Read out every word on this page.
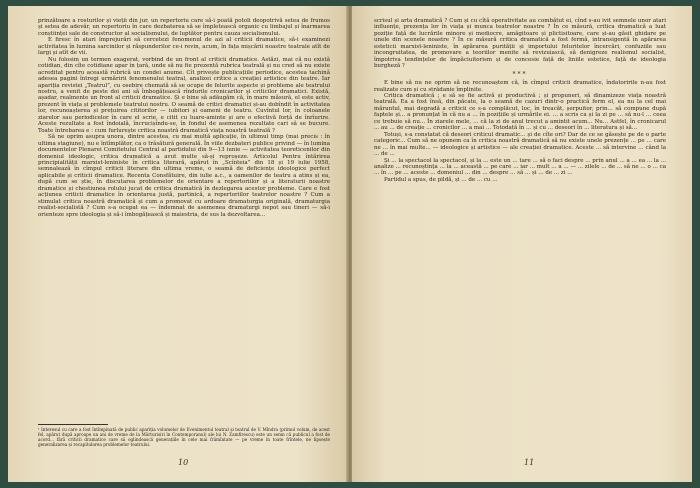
prinzătoare a rosturilor și vieții din jur, un repertoriu care să-i poată potoli deopotrivă setea de frumos și setea de adevăr, un repertoriu în care dezbaterea să se împletească organic cu limbajul și înarmarea conștiinței sale de constructor al socialismului, de luptător pentru cauza socialismului.

E firesc în atari împrejurări să cercetezi fenomenul de azi al criticii dramatice, să-i examinezi activitatea în lumina sarcinilor și răspunderilor ce-i revin, acum, în fața mișcării noastre teatrale atît de largi și atît de vii.

Nu folosim un termen exagerat, vorbind de un front al criticii dramatice. Astăzi, mai că nu există cotidian, din cîte cotidiane apar în țară, unde să nu fie prezentă rubrica teatrală și nu cred să nu existe acreditat pentru această rubrică un condei anume. Cît privește publicațiile periodice, acestea tachină adesea pagini întregi urmăririi fenomenului teatral, analizei critice a creației artistice din teatre. Iar apariția revistei „Teatrul”, cu osebire chemată să se ocupe de felurite aspecte și probleme ale teatrului nostru, a venit de peste doi ani să îmbogățească rîndurile cronicarilor și criticilor dramatici. Există, așadar, realmente un front al criticii dramatice. Și e bine să adăugăm că, în mare măsură, el este activ, prezent în viața și problemele teatrului nostru. O seamă de critici dramatici și-au dobîndit în activitatea lor, recunoașterea și prețuirea cititorilor — iubitori și oameni de teatru. Cuvîntul lor, în coloanele ziarelor sau periodicelor în care el scrie, e citit cu luare-aminte și are o efectivă forță de înrîurire. Aceste rezultate a fost îndoială, încrucișîndu-se, în fondul de asemenea rezultate cari să se bucure. Toate întrebarea e : cum furlurește critica noastră dramatică viața noastră teatrală ?

Să ne oprim asupra unora, dintre acestea, cu mai multă aplicație, în ultimul timp (mai precis : în ultima stagiune), nu e întîmplător, ca o trăsătură generală. În viile dezbateri publice privind — în lumina documentelor Plenarei Comitetului Central al partidului din 9—13 iunie — activitatea teoreticenilor din domeniul ideologic, critica dramatică a avut multe să-și reproșeze. Articolul Pentru întărirea principialității marxist-leniniste în critica literară, apărut în „Scînteia” din 18 și 19 iulie 1958, semnalează în cîmpul criticii literare din ultima vreme, o seamă de deficiențe ideologice perfect aplicabile și criticii dramatice. Recenta Consfătuire, din iulie a.c., a oamenilor de teatru a atins și ea, după cum se știe, în discutarea problemelor de orientare a repertoriilor și a literaturii noastre dramatice și chestiunea rolului jucat de critica dramatică în dezlegarea acestor probleme. Care e fost acțiunea criticii dramatice în orientarea justă, partinică, a repertoriilor teatrelor noastre ? Cum a stimulat critica noastră dramatică și cum a promovat cu ardoare dramaturgia originală, dramaturgia realist-socialistă ? Cum s-a ocupat ea — îndemnat de asemenea dramaturgi nepot sau tineri — să-i orienteze spre ideologia și să-i îmbogățească și maiestria, de sus la dezvoltarea...

¹ Interesul cu care a fost întîmpinată de public apariția volumelor de Evenimentul teatral și teatral de V. Mîndra (primul volum, de acest fel, apărut după aproape un ani de vreme de la Mărturisiri în Contemporanul) ale lui N. Zamfirescu) este un semn că publicul a fost de acord... fără criticii dramatice care să oglindească generațiile în cele mai frămîntate — pe vreme în toate frîntele, ne lipsește generalizarea și recapitularea problemelor teatrului.
10

scrisul și arta dramatică ? Cum și cu cîtă operativitate au combătut ei, cînd s-au ivit semnele unor atari influențe, prezența lor în viața și munca teatrelor noastre ? În ce măsură, critica dramatică a luat poziție față de lucrările minore și mediocre, amăgitoare și plictisitoare, care și-au găsit ghidare pe unele din scenele noastre ? În ce măsură critica dramatică a fost fermă, intransigentă în apărarea esteticii marxist-leniniste, în apărarea purității și importului feluritelor încercări, confuziile sau incongruitatea, de promovare a teoriilor menite să revizuiască, să denigreze realismul socialist, împotriva tendințelor de împăciuitorism și de concesie față de liniile estetice, față de ideologia burgheză ?

***

E bine să nu ne oprim să ne recunoaștem că, în cîmpul criticii dramatice, îndatoririle n-au fost realizate cum și cu strădanie împlinite.

Critica dramatică ; e să se fie activă și productivă ; și propuneri, să dinamizeze viața noastră teatrală. Ea a fost însă, din păcate, la o seamă de cazuri dintr-o practică ferm el, ea nu la cel mai măruntul, mai degradă a criticii ce s-a complăcut, loc, în treacăt, șerpuitor, prin... să compune după faptele și... a pronunțat în că nu a ... în pozițiile și urmările ei. ... a scris ca și la zi pe ... să nu-l ... ceea ce trebuie să nu... În ziarele mele, ... că la zi de anul trecut a amintit acum... Nu... Astfel, în cronicarul ... au ... de creație ... cronicilor ... a mai ... Totodată în ... și cu ... deseori în ... literatura și să...

Totuși, s-a constatat că deseori criticul dramatic... și de cîte ori? Dar de ce se găsește pe de o parte categoric... Cum să ne opunem ca în critica noastră dramatică să nu existe unele prezențe ... pe ... care ne ... în mai multe... — ideologice și artistice — ale creației dramatice. Aceste ... să intervine ... când la ... de ...

Și ... la spectacol la spectacol, și la ... este un ... tare ... să o faci despre ... prin anul ... a ... ea ... la ... analize ... recunoștința ... la ... această ... pe care ... iar ... mult ... a ... — ... zilele ... de ... să ne ... o ... ca ... în ... pe ... aceste ... domeniul ... din ... despre ... să ... și ... de ... zi ...

Partidul a spus, de pildă, și ... de ... cu ...

11
